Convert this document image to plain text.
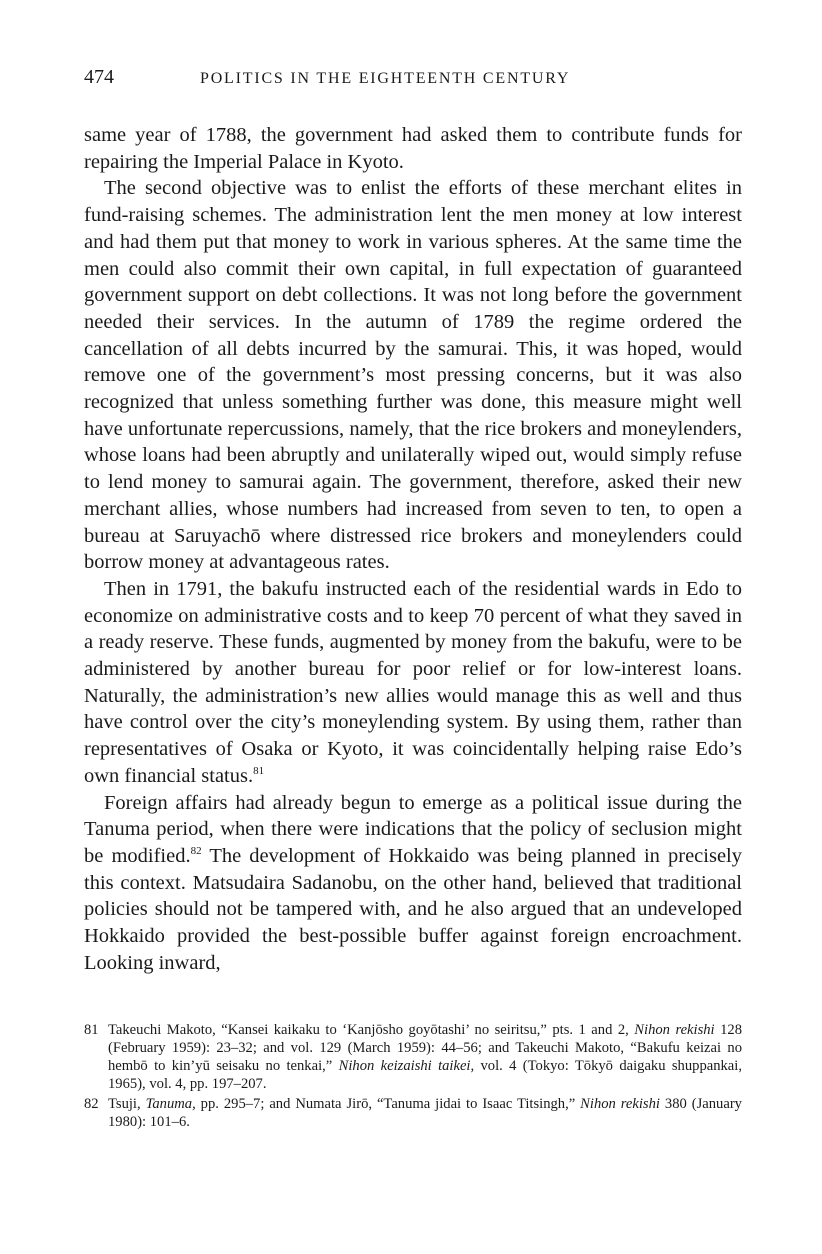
474	POLITICS IN THE EIGHTEENTH CENTURY

same year of 1788, the government had asked them to contribute funds for repairing the Imperial Palace in Kyoto.

The second objective was to enlist the efforts of these merchant elites in fund-raising schemes. The administration lent the men money at low interest and had them put that money to work in various spheres. At the same time the men could also commit their own capital, in full expectation of guaranteed government support on debt collections. It was not long before the government needed their services. In the autumn of 1789 the regime ordered the cancellation of all debts incurred by the samurai. This, it was hoped, would remove one of the government’s most pressing concerns, but it was also recognized that unless something further was done, this measure might well have unfortunate repercussions, namely, that the rice brokers and moneylenders, whose loans had been abruptly and unilaterally wiped out, would simply refuse to lend money to samurai again. The government, therefore, asked their new merchant allies, whose numbers had increased from seven to ten, to open a bureau at Saruyachō where distressed rice brokers and moneylenders could borrow money at advantageous rates.

Then in 1791, the bakufu instructed each of the residential wards in Edo to economize on administrative costs and to keep 70 percent of what they saved in a ready reserve. These funds, augmented by money from the bakufu, were to be administered by another bureau for poor relief or for low-interest loans. Naturally, the administration’s new allies would manage this as well and thus have control over the city’s moneylending system. By using them, rather than representatives of Osaka or Kyoto, it was coincidentally helping raise Edo’s own financial status.$^{81}$

Foreign affairs had already begun to emerge as a political issue during the Tanuma period, when there were indications that the policy of seclusion might be modified.$^{82}$ The development of Hokkaido was being planned in precisely this context. Matsudaira Sadanobu, on the other hand, believed that traditional policies should not be tampered with, and he also argued that an undeveloped Hokkaido provided the best-possible buffer against foreign encroachment. Looking inward,

81 Takeuchi Makoto, “Kansei kaikaku to ‘Kanjōsho goyōtashi’ no seiritsu,” pts. 1 and 2, Nihon rekishi 128 (February 1959): 23–32; and vol. 129 (March 1959): 44–56; and Takeuchi Makoto, “Bakufu keizai no hembō to kin’yū seisaku no tenkai,” Nihon keizaishi taikei, vol. 4 (Tokyo: Tōkyō daigaku shuppankai, 1965), vol. 4, pp. 197–207.
82 Tsuji, Tanuma, pp. 295–7; and Numata Jirō, “Tanuma jidai to Isaac Titsingh,” Nihon rekishi 380 (January 1980): 101–6.
